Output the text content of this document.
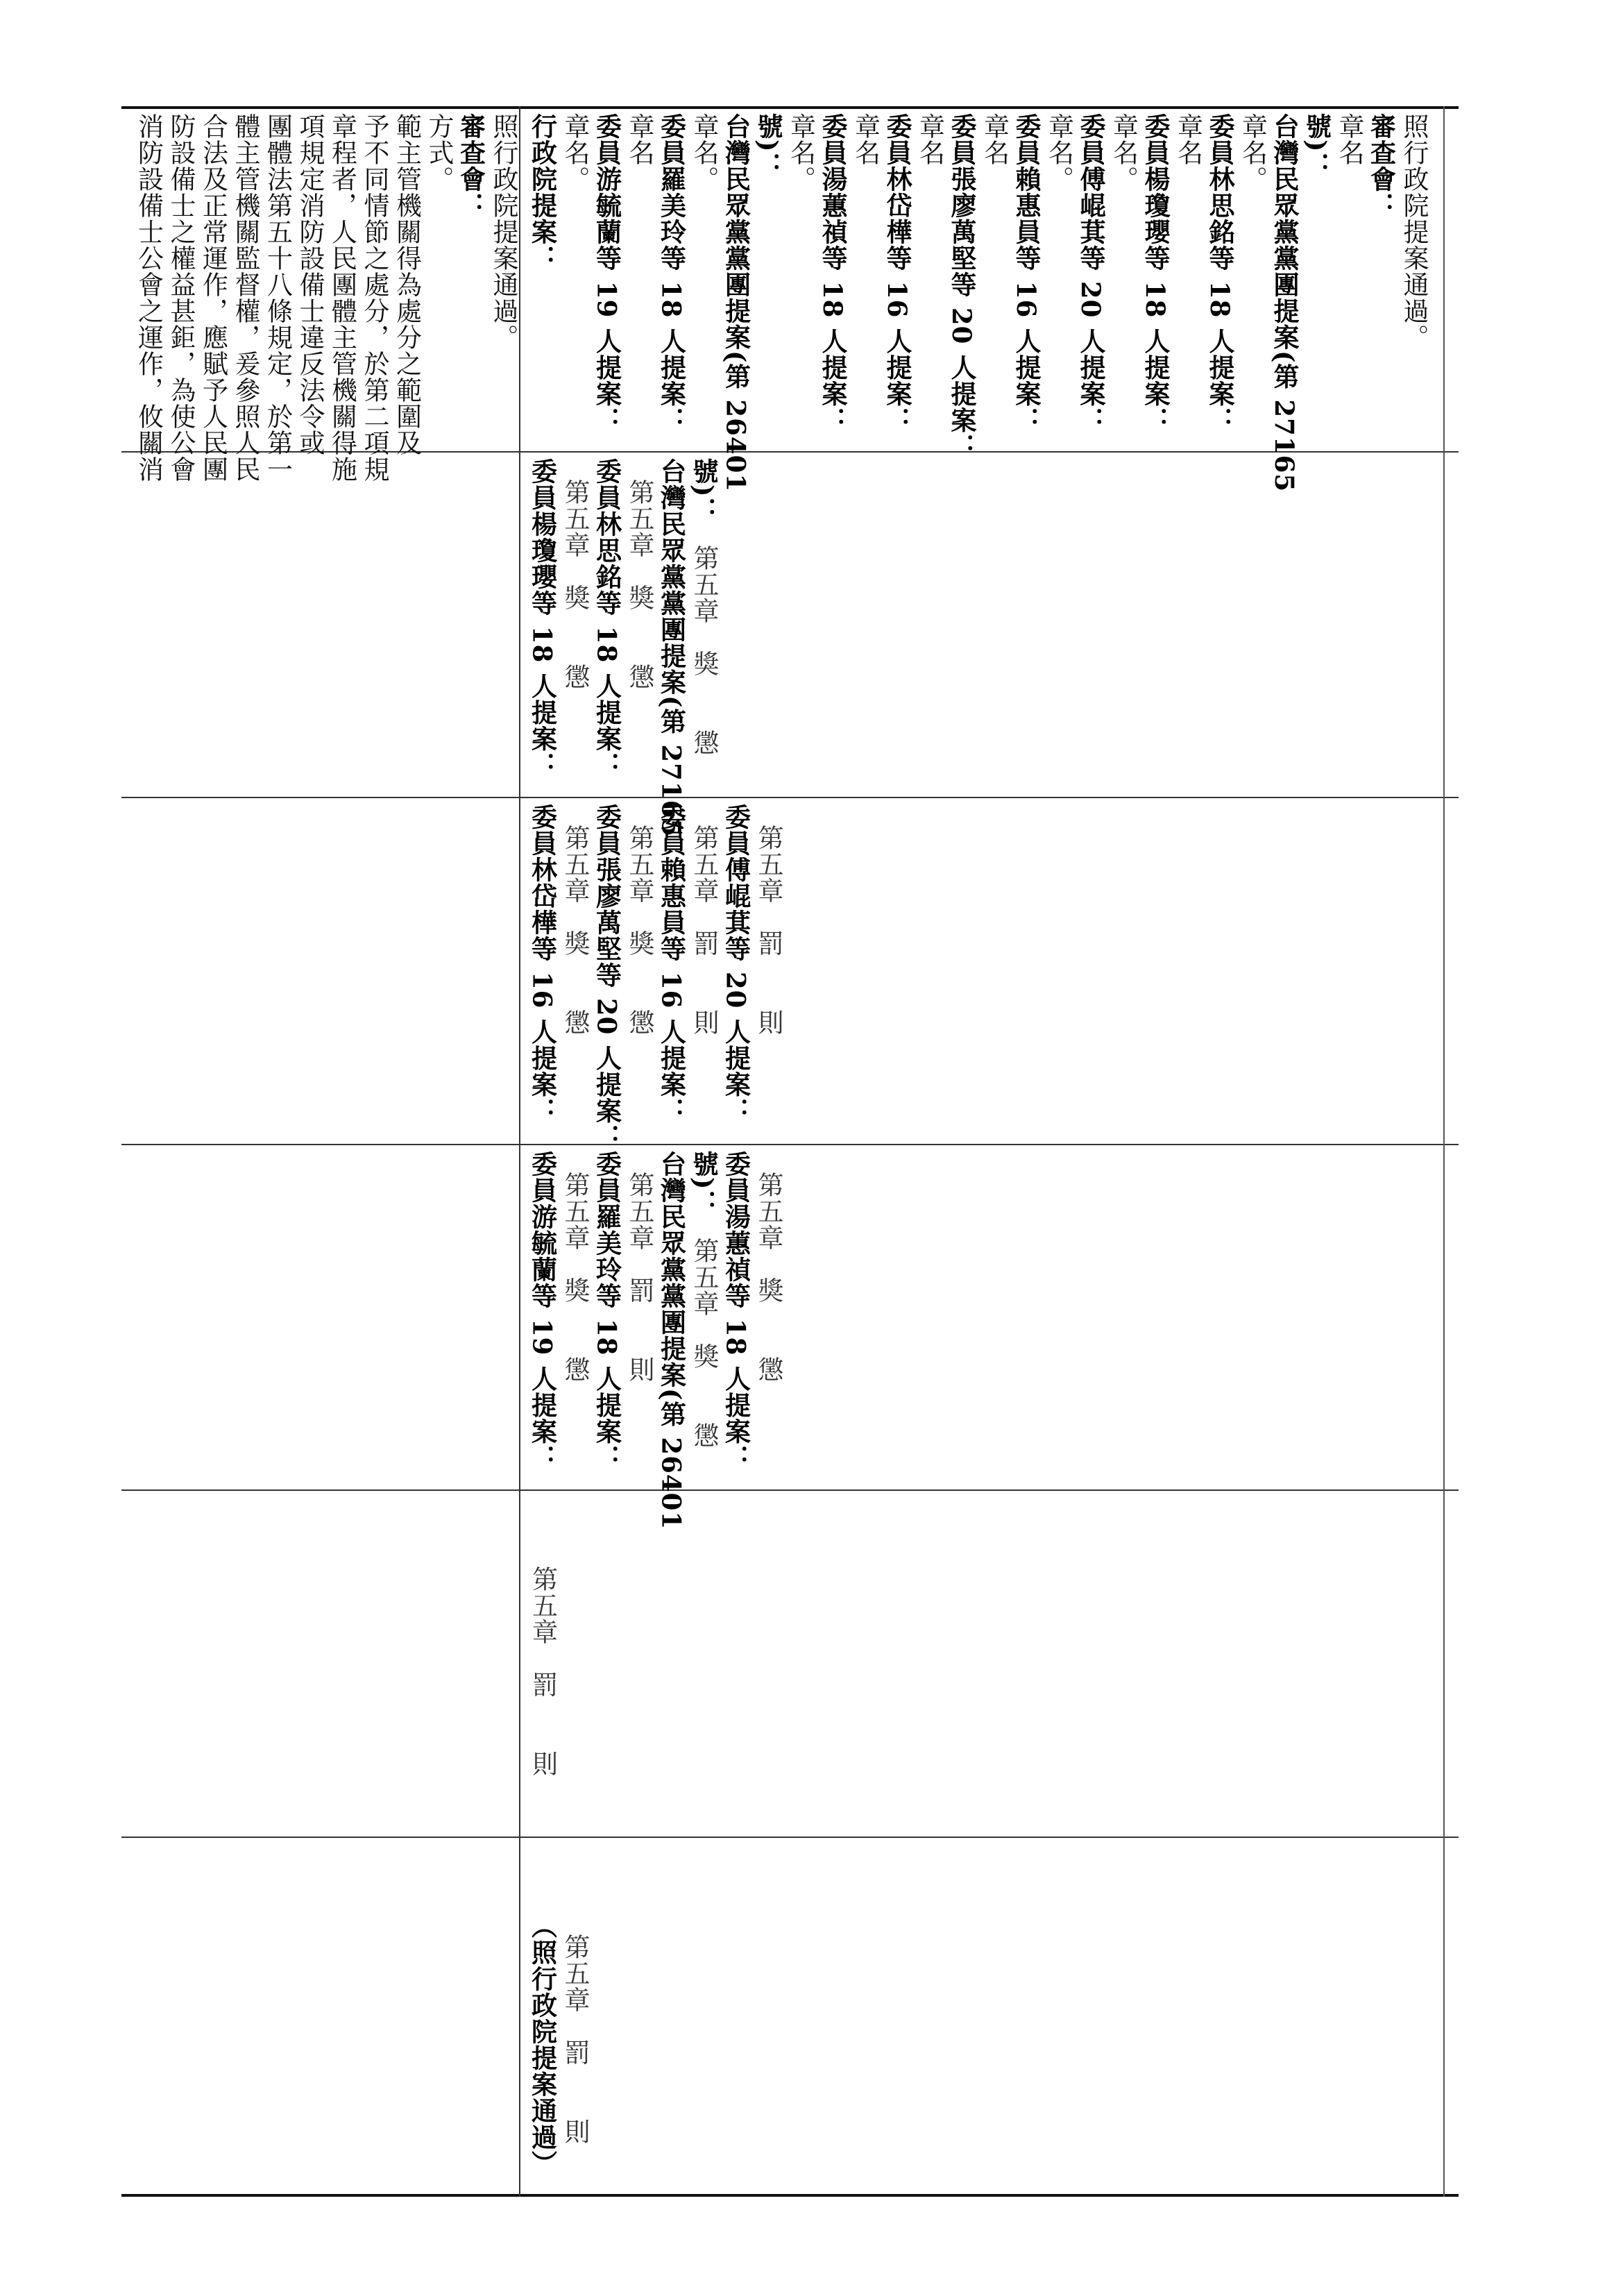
消防設備士公會之運作，攸關消 防設備士之權益甚鉅，為使公會 合法及正常運作，應賦予人民團 體主管機關監督權，爰參照人民 團體法第五十八條規定，於第一 項規定消防設備士違反法令或 章程者，人民團體主管機關得施 予不同情節之處分，於第二項規 範主管機關得為處分之範圍及 方式。 審查會： 照行政院提案通過。 行政院提案： 章名。 委員游毓蘭等 19 人提案： 章名 委員羅美玲等 18 人提案： 章名。 台灣民眾黨黨團提案(第 26401 號)： 章名。 委員湯蕙禎等 18 人提案： 章名 委員林岱樺等 16 人提案： 章名 委員張廖萬堅等 20 人提案： 章名 委員賴惠員等 16 人提案： 章名。 委員傅崐萁等 20 人提案： 章名。 委員楊瓊瓔等 18 人提案： 章名 委員林思銘等 18 人提案： 章名。 台灣民眾黨黨團提案(第 27165 號)： 章名 審查會： 照行政院提案通過。
委員楊瓊瓔等 18 人提案： 第五章　獎　　懲 委員林思銘等 18 人提案： 第五章　獎　　懲 台灣民眾黨黨團提案(第 27165 號)：
第五章　獎　　懲
委員林岱樺等 16 人提案： 第五章　獎　　懲 委員張廖萬堅等 20 人提案： 第五章　獎　　懲 委員賴惠員等 16 人提案： 第五章　罰　　則 委員傅崐萁等 20 人提案： 第五章　罰　　則
委員游毓蘭等 19 人提案： 第五章　獎　　懲 委員羅美玲等 18 人提案： 第五章　罰　　則 台灣民眾黨黨團提案(第 26401 號)：
第五章　獎　　懲 委員湯蕙禎等 18 人提案： 第五章　獎　　懲
第五章　罰　　則
（照行政院提案通過） 第五章　罰　　則
